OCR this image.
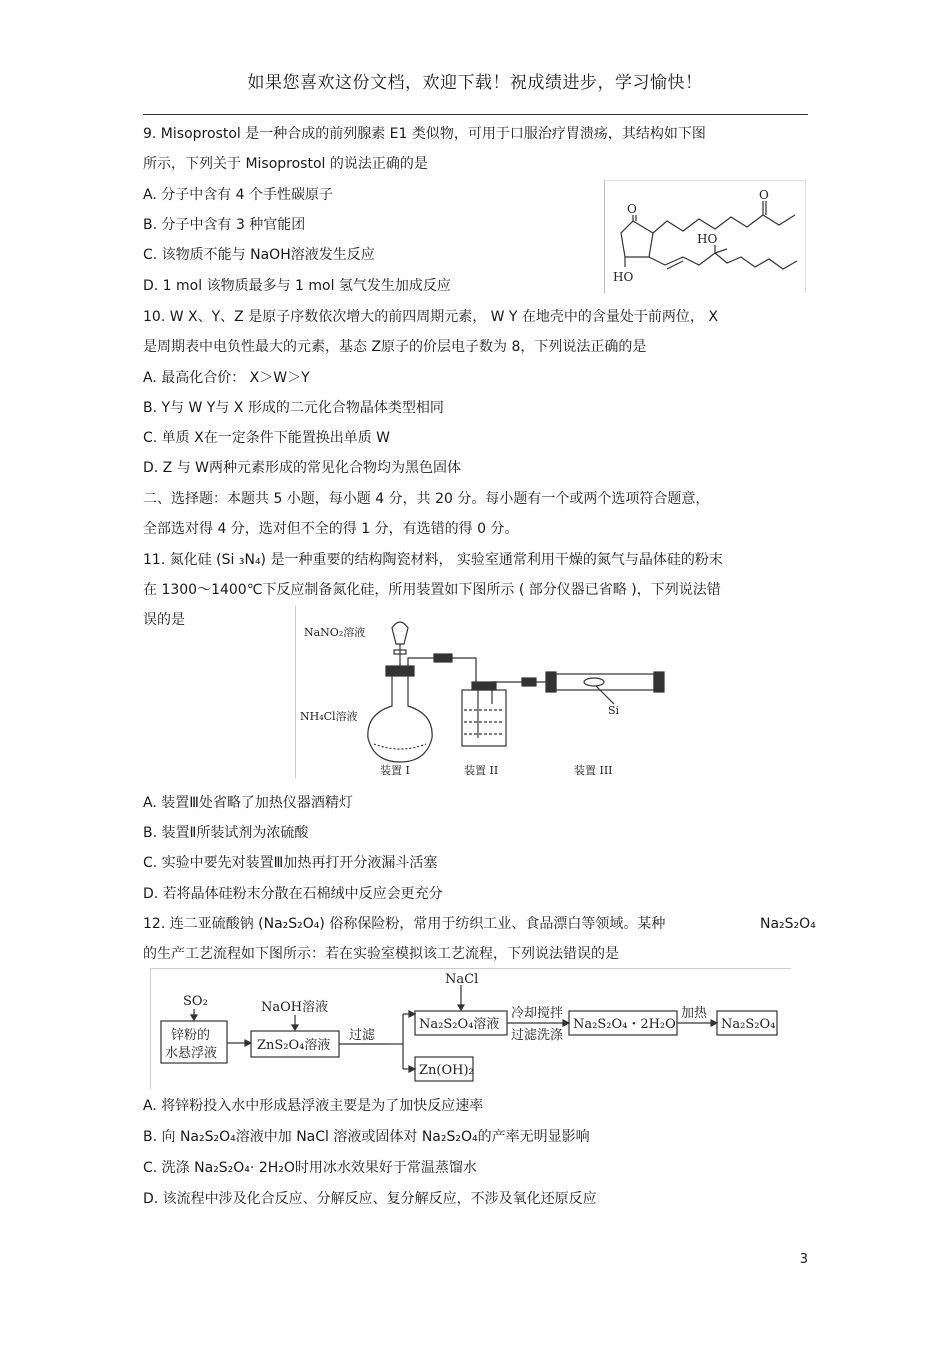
如果您喜欢这份文档，欢迎下载！祝成绩进步，学习愉快！
9. Misoprostol 是一种合成的前列腺素 E1 类似物，可用于口服治疗胃溃疡，其结构如下图
所示，下列关于 Misoprostol 的说法正确的是
A. 分子中含有 4 个手性碳原子
B. 分子中含有 3 种官能团
C. 该物质不能与 NaOH溶液发生反应
D. 1 mol 该物质最多与 1 mol 氢气发生加成反应
O
O
HO
HO
10. W X、Y、Z 是原子序数依次增大的前四周期元素， W Y 在地壳中的含量处于前两位， X
是周期表中电负性最大的元素，基态 Z原子的价层电子数为 8，下列说法正确的是
A. 最高化合价： X＞W＞Y
B. Y与 W Y与 X 形成的二元化合物晶体类型相同
C. 单质 X在一定条件下能置换出单质 W
D. Z 与 W两种元素形成的常见化合物均为黑色固体
二、选择题：本题共 5 小题，每小题 4 分，共 20 分。每小题有一个或两个选项符合题意，
全部选对得 4 分，选对但不全的得 1 分，有选错的得 0 分。
11. 氮化硅 (Si ₃N₄) 是一种重要的结构陶瓷材料， 实验室通常利用干燥的氮气与晶体硅的粉末
在 1300～1400℃下反应制备氮化硅，所用装置如下图所示 ( 部分仪器已省略 )，下列说法错
误的是
NaNO₂溶液
NH₄Cl溶液	Si
装置 I	装置 II	装置 III
A. 装置Ⅲ处省略了加热仪器酒精灯
B. 装置Ⅱ所装试剂为浓硫酸
C. 实验中要先对装置Ⅲ加热再打开分液漏斗活塞
D. 若将晶体硅粉末分散在石棉绒中反应会更充分
12. 连二亚硫酸钠 (Na₂S₂O₄) 俗称保险粉，常用于纺织工业、食品漂白等领域。某种	Na₂S₂O₄
的生产工艺流程如下图所示：若在实验室模拟该工艺流程，下列说法错误的是
SO₂
锌粉的
水悬浮液
NaOH溶液
ZnS₂O₄溶液
过滤
NaCl
Na₂S₂O₄溶液
冷却搅拌
过滤洗涤
Na₂S₂O₄・2H₂O
加热
Na₂S₂O₄
Zn(OH)₂
A. 将锌粉投入水中形成悬浮液主要是为了加快反应速率
B. 向 Na₂S₂O₄溶液中加 NaCl 溶液或固体对 Na₂S₂O₄的产率无明显影响
C. 洗涤 Na₂S₂O₄· 2H₂O时用冰水效果好于常温蒸馏水
D. 该流程中涉及化合反应、分解反应、复分解反应，不涉及氧化还原反应
3
